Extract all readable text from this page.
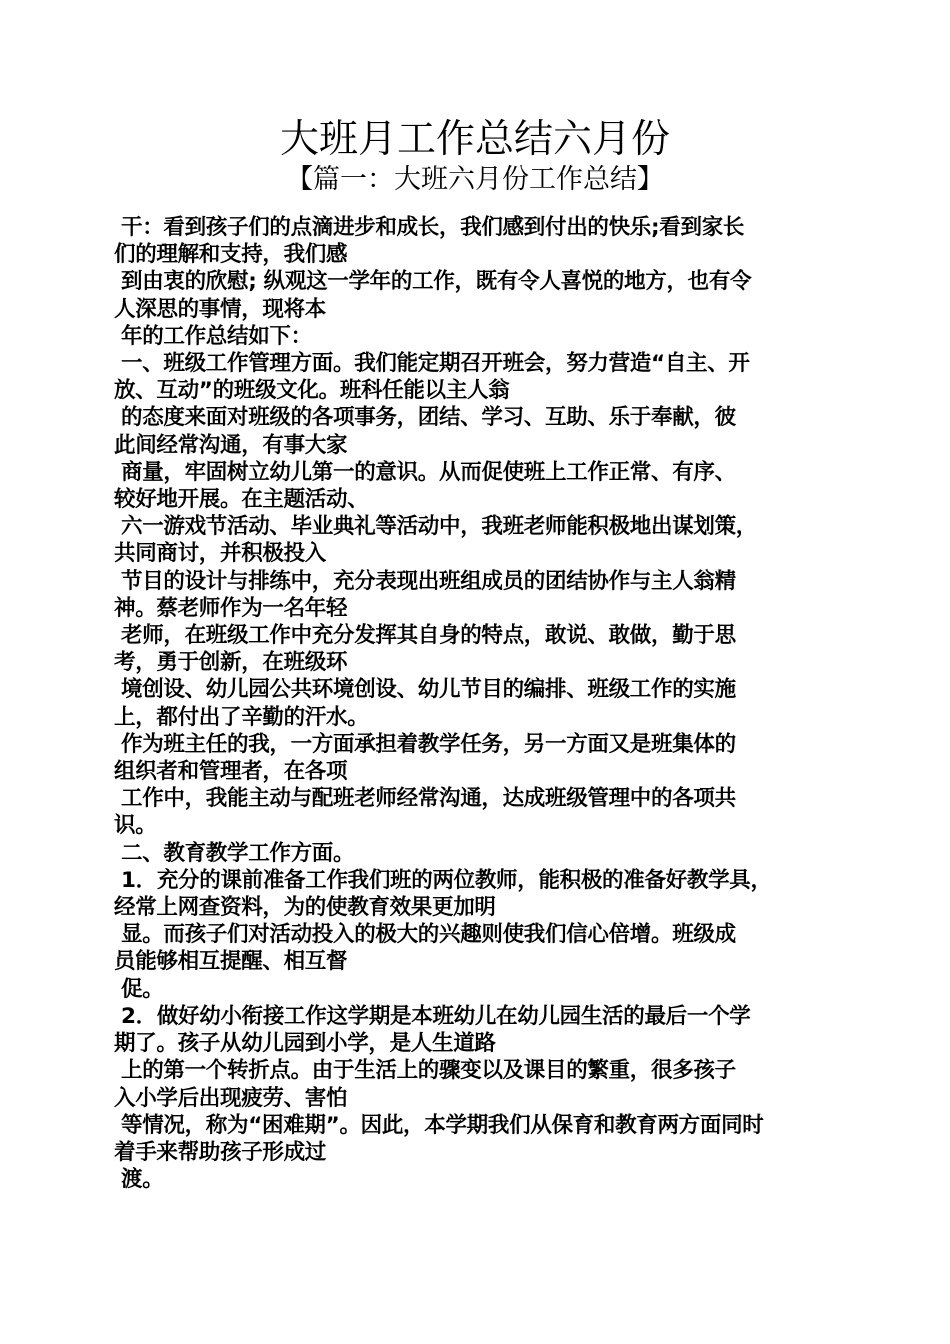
大班月工作总结六月份
【篇一：大班六月份工作总结】
干：看到孩子们的点滴进步和成长，我们感到付出的快乐;看到家长
们的理解和支持，我们感
到由衷的欣慰; 纵观这一学年的工作，既有令人喜悦的地方，也有令
人深思的事情，现将本
年的工作总结如下：
一、班级工作管理方面。我们能定期召开班会，努力营造“自主、开
放、互动”的班级文化。班科任能以主人翁
的态度来面对班级的各项事务，团结、学习、互助、乐于奉献，彼
此间经常沟通，有事大家
商量，牢固树立幼儿第一的意识。从而促使班上工作正常、有序、
较好地开展。在主题活动、
六一游戏节活动、毕业典礼等活动中，我班老师能积极地出谋划策，
共同商讨，并积极投入
节目的设计与排练中，充分表现出班组成员的团结协作与主人翁精
神。蔡老师作为一名年轻
老师，在班级工作中充分发挥其自身的特点，敢说、敢做，勤于思
考，勇于创新，在班级环
境创设、幼儿园公共环境创设、幼儿节目的编排、班级工作的实施
上，都付出了辛勤的汗水。
作为班主任的我，一方面承担着教学任务，另一方面又是班集体的
组织者和管理者，在各项
工作中，我能主动与配班老师经常沟通，达成班级管理中的各项共
识。
二、教育教学工作方面。
1．充分的课前准备工作我们班的两位教师，能积极的准备好教学具，
经常上网查资料，为的使教育效果更加明
显。而孩子们对活动投入的极大的兴趣则使我们信心倍增。班级成
员能够相互提醒、相互督
促。
2．做好幼小衔接工作这学期是本班幼儿在幼儿园生活的最后一个学
期了。孩子从幼儿园到小学，是人生道路
上的第一个转折点。由于生活上的骤变以及课目的繁重，很多孩子
入小学后出现疲劳、害怕
等情况，称为“困难期”。因此，本学期我们从保育和教育两方面同时
着手来帮助孩子形成过
渡。
